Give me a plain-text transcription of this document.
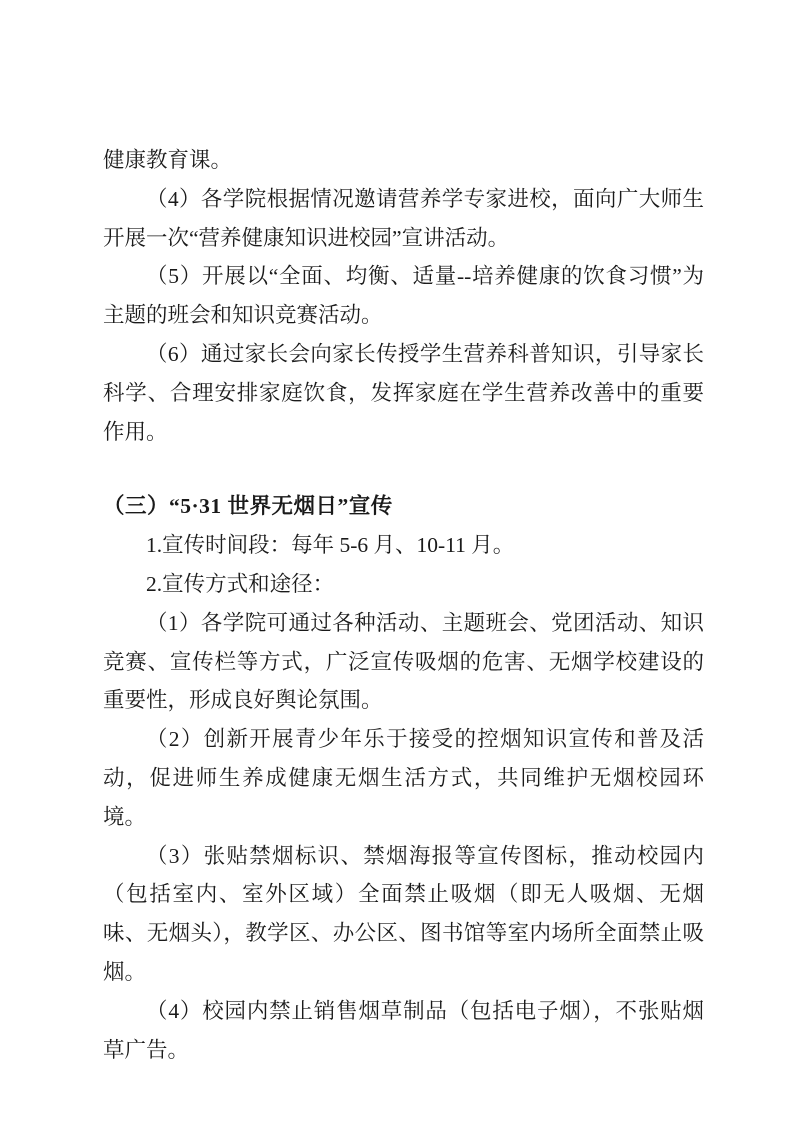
健康教育课。

（4）各学院根据情况邀请营养学专家进校，面向广大师生开展一次“营养健康知识进校园”宣讲活动。

（5）开展以“全面、均衡、适量--培养健康的饮食习惯”为主题的班会和知识竞赛活动。

（6）通过家长会向家长传授学生营养科普知识，引导家长科学、合理安排家庭饮食，发挥家庭在学生营养改善中的重要作用。

（三）“5·31 世界无烟日”宣传

1.宣传时间段：每年 5-6 月、10-11 月。

2.宣传方式和途径：

（1）各学院可通过各种活动、主题班会、党团活动、知识竞赛、宣传栏等方式，广泛宣传吸烟的危害、无烟学校建设的重要性，形成良好舆论氛围。

（2）创新开展青少年乐于接受的控烟知识宣传和普及活动，促进师生养成健康无烟生活方式，共同维护无烟校园环境。

（3）张贴禁烟标识、禁烟海报等宣传图标，推动校园内（包括室内、室外区域）全面禁止吸烟（即无人吸烟、无烟味、无烟头），教学区、办公区、图书馆等室内场所全面禁止吸烟。

（4）校园内禁止销售烟草制品（包括电子烟），不张贴烟草广告。
